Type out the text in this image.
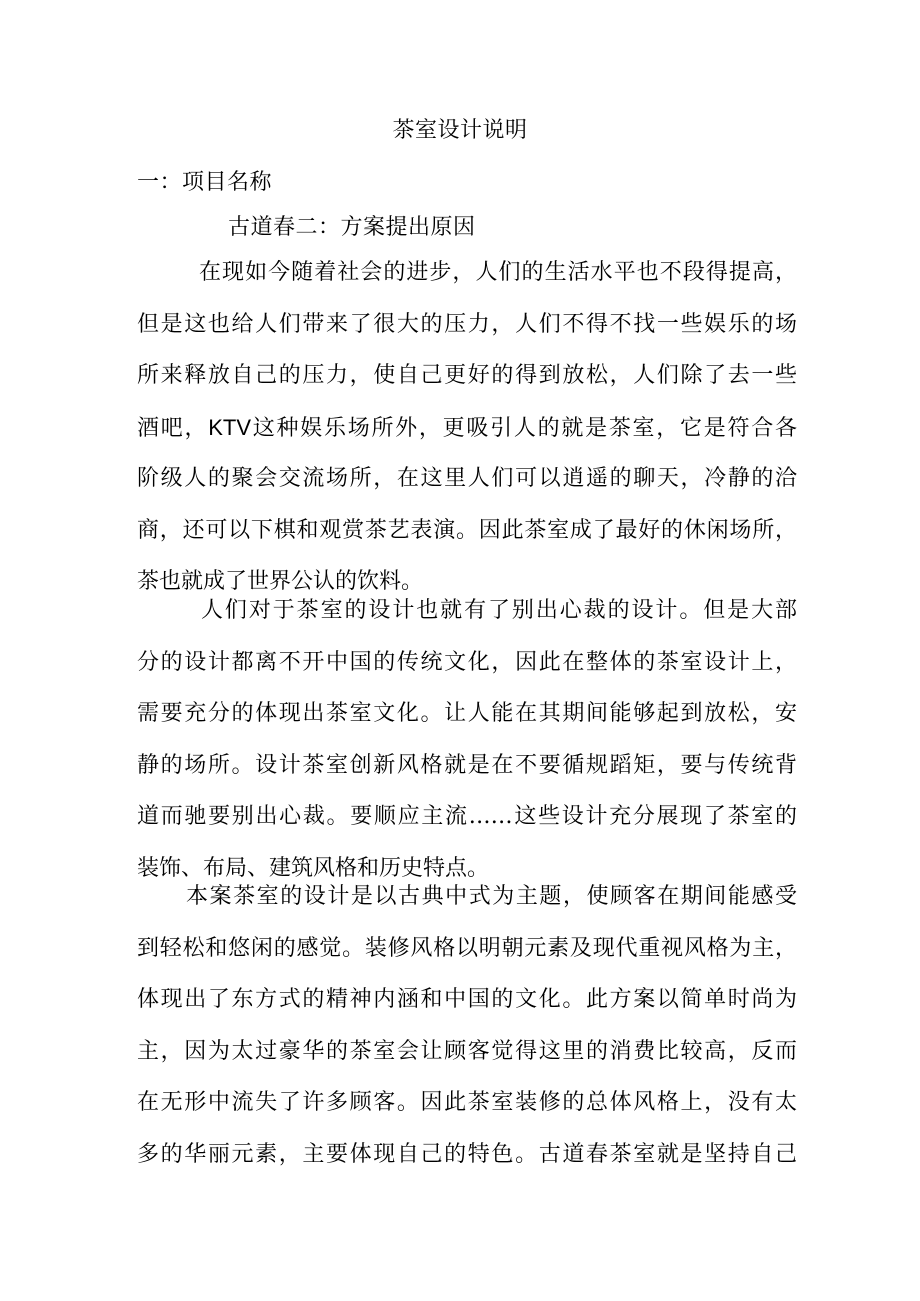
茶室设计说明
一：项目名称
古道春二：方案提出原因
在现如今随着社会的进步，人们的生活水平也不段得提高，
但是这也给人们带来了很大的压力，人们不得不找一些娱乐的场
所来释放自己的压力，使自己更好的得到放松，人们除了去一些
酒吧，KTV这种娱乐场所外，更吸引人的就是茶室，它是符合各
阶级人的聚会交流场所，在这里人们可以逍遥的聊天，冷静的洽
商，还可以下棋和观赏茶艺表演。因此茶室成了最好的休闲场所，
茶也就成了世界公认的饮料。
人们对于茶室的设计也就有了别出心裁的设计。但是大部
分的设计都离不开中国的传统文化，因此在整体的茶室设计上，
需要充分的体现出茶室文化。让人能在其期间能够起到放松，安
静的场所。设计茶室创新风格就是在不要循规蹈矩，要与传统背
道而驰要别出心裁。要顺应主流……这些设计充分展现了茶室的
装饰、布局、建筑风格和历史特点。
本案茶室的设计是以古典中式为主题，使顾客在期间能感受
到轻松和悠闲的感觉。装修风格以明朝元素及现代重视风格为主，
体现出了东方式的精神内涵和中国的文化。此方案以简单时尚为
主，因为太过豪华的茶室会让顾客觉得这里的消费比较高，反而
在无形中流失了许多顾客。因此茶室装修的总体风格上，没有太
多的华丽元素，主要体现自己的特色。古道春茶室就是坚持自己
